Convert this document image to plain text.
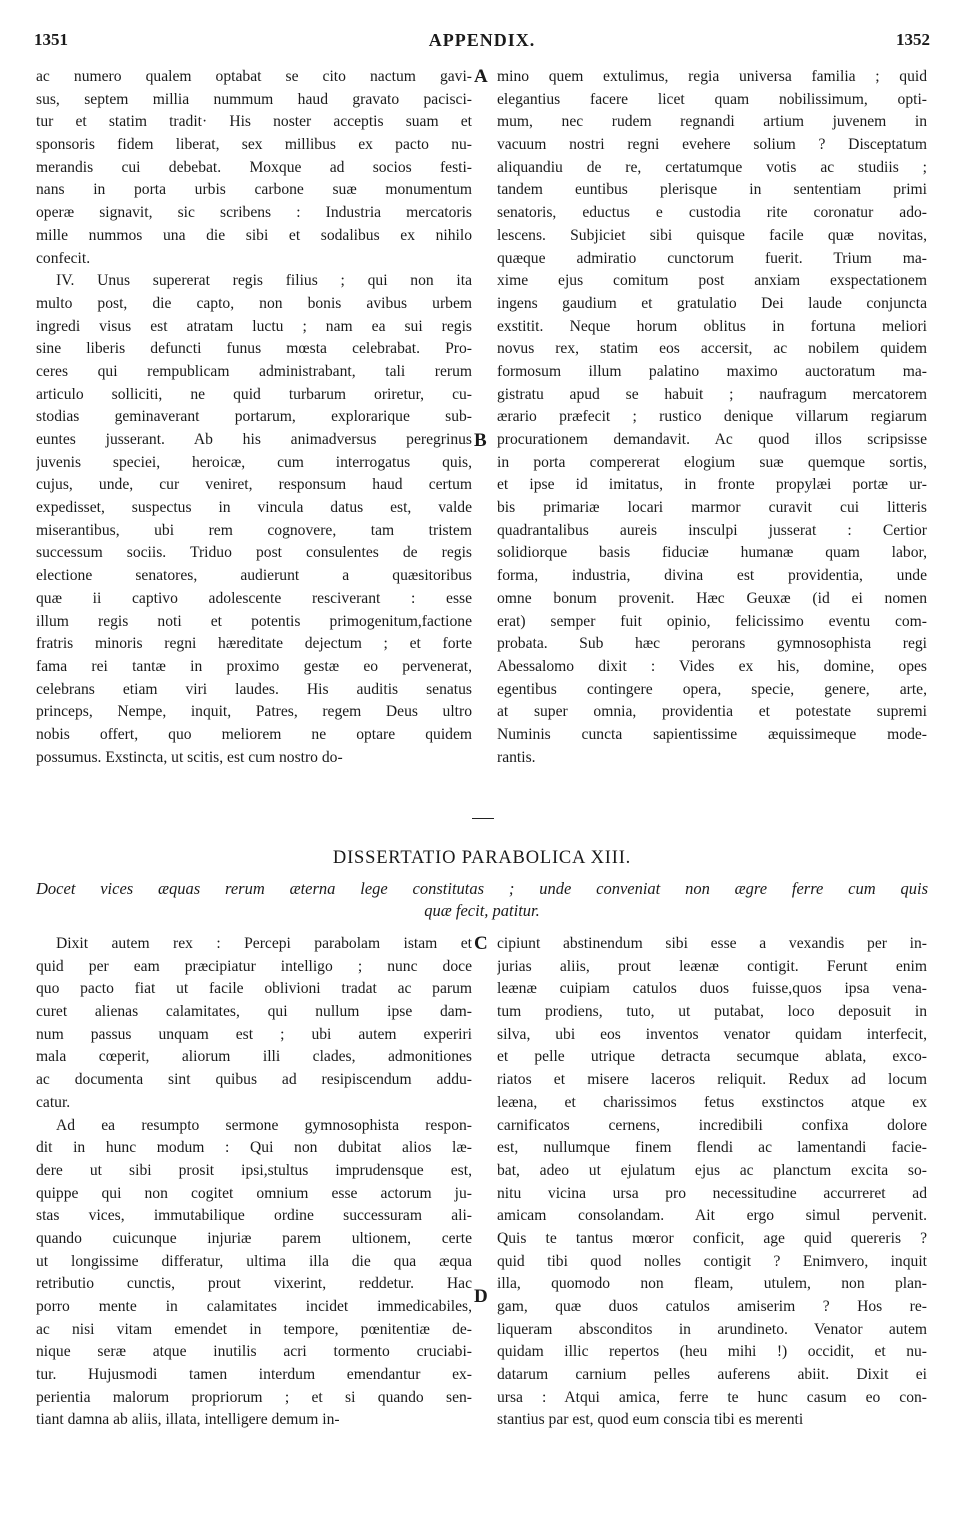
1351	APPENDIX.	1352
ac numero qualem optabat se cito nactum gavi-
sus, septem millia nummum haud gravato pacisci-
tur et statim tradit· His noster acceptis suam et
sponsoris fidem liberat, sex millibus ex pacto nu-
merandis cui debebat. Moxque ad socios festi-
nans in porta urbis carbone suæ monumentum
operæ signavit, sic scribens : Industria mercatoris
mille nummos una die sibi et sodalibus ex nihilo
confecit.
IV. Unus supererat regis filius ; qui non ita
multo post, die capto, non bonis avibus urbem
ingredi visus est atratam luctu ; nam ea sui regis
sine liberis defuncti funus mœsta celebrabat. Pro-
ceres qui rempublicam administrabant, tali rerum
articulo solliciti, ne quid turbarum oriretur, cu-
stodias geminaverant portarum, explorarique sub-
euntes jusserant. Ab his animadversus peregrinus
juvenis speciei, heroicæ, cum interrogatus quis,
cujus, unde, cur veniret, responsum haud certum
expedisset, suspectus in vincula datus est, valde
miserantibus, ubi rem cognovere, tam tristem
successum sociis. Triduo post consulentes de regis
electione senatores, audierunt a quæsitoribus
quæ ii captivo adolescente resciverant : esse
illum regis noti et potentis primogenitum,factione
fratris minoris regni hæreditate dejectum ; et forte
fama rei tantæ in proximo gestæ eo pervenerat,
celebrans etiam viri laudes. His auditis senatus
princeps, Nempe, inquit, Patres, regem Deus ultro
nobis offert, quo meliorem ne optare quidem
possumus. Exstincta, ut scitis, est cum nostro do-
mino quem extulimus, regia universa familia ; quid
elegantius facere licet quam nobilissimum, opti-
mum, nec rudem regnandi artium juvenem in
vacuum nostri regni evehere solium ? Disceptatum
aliquandiu de re, certatumque votis ac studiis ;
tandem euntibus plerisque in sententiam primi
senatoris, eductus e custodia rite coronatur ado-
lescens. Subjiciet sibi quisque facile quæ novitas,
quæque admiratio cunctorum fuerit. Trium ma-
xime ejus comitum post anxiam exspectationem
ingens gaudium et gratulatio Dei laude conjuncta
exstitit. Neque horum oblitus in fortuna meliori
novus rex, statim eos accersit, ac nobilem quidem
formosum illum palatino maximo auctoratum ma-
gistratu apud se habuit ; naufragum mercatorem
ærario præfecit ; rustico denique villarum regiarum
procurationem demandavit. Ac quod illos scripsisse
in porta compererat elogium suæ quemque sortis,
et ipse id imitatus, in fronte propylæi portæ ur-
bis primariæ locari marmor curavit cui litteris
quadrantalibus aureis insculpi jusserat : Certior
solidiorque basis fiduciæ humanæ quam labor,
forma, industria, divina est providentia, unde
omne bonum provenit. Hæc Geuxæ (id ei nomen
erat) semper fuit opinio, felicissimo eventu com-
probata. Sub hæc perorans gymnosophista regi
Abessalomo dixit : Vides ex his, domine, opes
egentibus contingere opera, specie, genere, arte,
at super omnia, providentia et potestate supremi
Numinis cuncta sapientissime æquissimeque mode-
rantis.
A
B
DISSERTATIO PARABOLICA XIII.
Docet vices æquas rerum æterna lege constitutas ; unde conveniat non ægre ferre cum quis
quæ fecit, patitur.
Dixit autem rex : Percepi parabolam istam et
quid per eam præcipiatur intelligo ; nunc doce
quo pacto fiat ut facile oblivioni tradat ac parum
curet alienas calamitates, qui nullum ipse dam-
num passus unquam est ; ubi autem experiri
mala cœperit, aliorum illi clades, admonitiones
ac documenta sint quibus ad resipiscendum addu-
catur.
Ad ea resumpto sermone gymnosophista respon-
dit in hunc modum : Qui non dubitat alios læ-
dere ut sibi prosit ipsi,stultus imprudensque est,
quippe qui non cogitet omnium esse actorum ju-
stas vices, immutabilique ordine successuram ali-
quando cuicunque injuriæ parem ultionem, certe
ut longissime differatur, ultima illa die qua æqua
retributio cunctis, prout vixerint, reddetur. Hac
porro mente in calamitates incidet immedicabiles,
ac nisi vitam emendet in tempore, pœnitentiæ de-
nique seræ atque inutilis acri tormento cruciabi-
tur. Hujusmodi tamen interdum emendantur ex-
perientia malorum propriorum ; et si quando sen-
tiant damna ab aliis, illata, intelligere demum in-
cipiunt abstinendum sibi esse a vexandis per in-
jurias aliis, prout leænæ contigit. Ferunt enim
leænæ cuipiam catulos duos fuisse,quos ipsa vena-
tum prodiens, tuto, ut putabat, loco deposuit in
silva, ubi eos inventos venator quidam interfecit,
et pelle utrique detracta secumque ablata, exco-
riatos et misere laceros reliquit. Redux ad locum
leæna, et charissimos fetus exstinctos atque ex
carnificatos cernens, incredibili confixa dolore
est, nullumque finem flendi ac lamentandi facie-
bat, adeo ut ejulatum ejus ac planctum excita so-
nitu vicina ursa pro necessitudine accurreret ad
amicam consolandam. Ait ergo simul pervenit.
Quis te tantus mœror conficit, age quid quereris ?
quid tibi quod nolles contigit ? Enimvero, inquit
illa, quomodo non fleam, utulem, non plan-
gam, quæ duos catulos amiserim ? Hos re-
liqueram absconditos in arundineto. Venator autem
quidam illic repertos (heu mihi !) occidit, et nu-
datarum carnium pelles auferens abiit. Dixit ei
ursa : Atqui amica, ferre te hunc casum eo con-
stantius par est, quod eum conscia tibi es merenti
C
D
